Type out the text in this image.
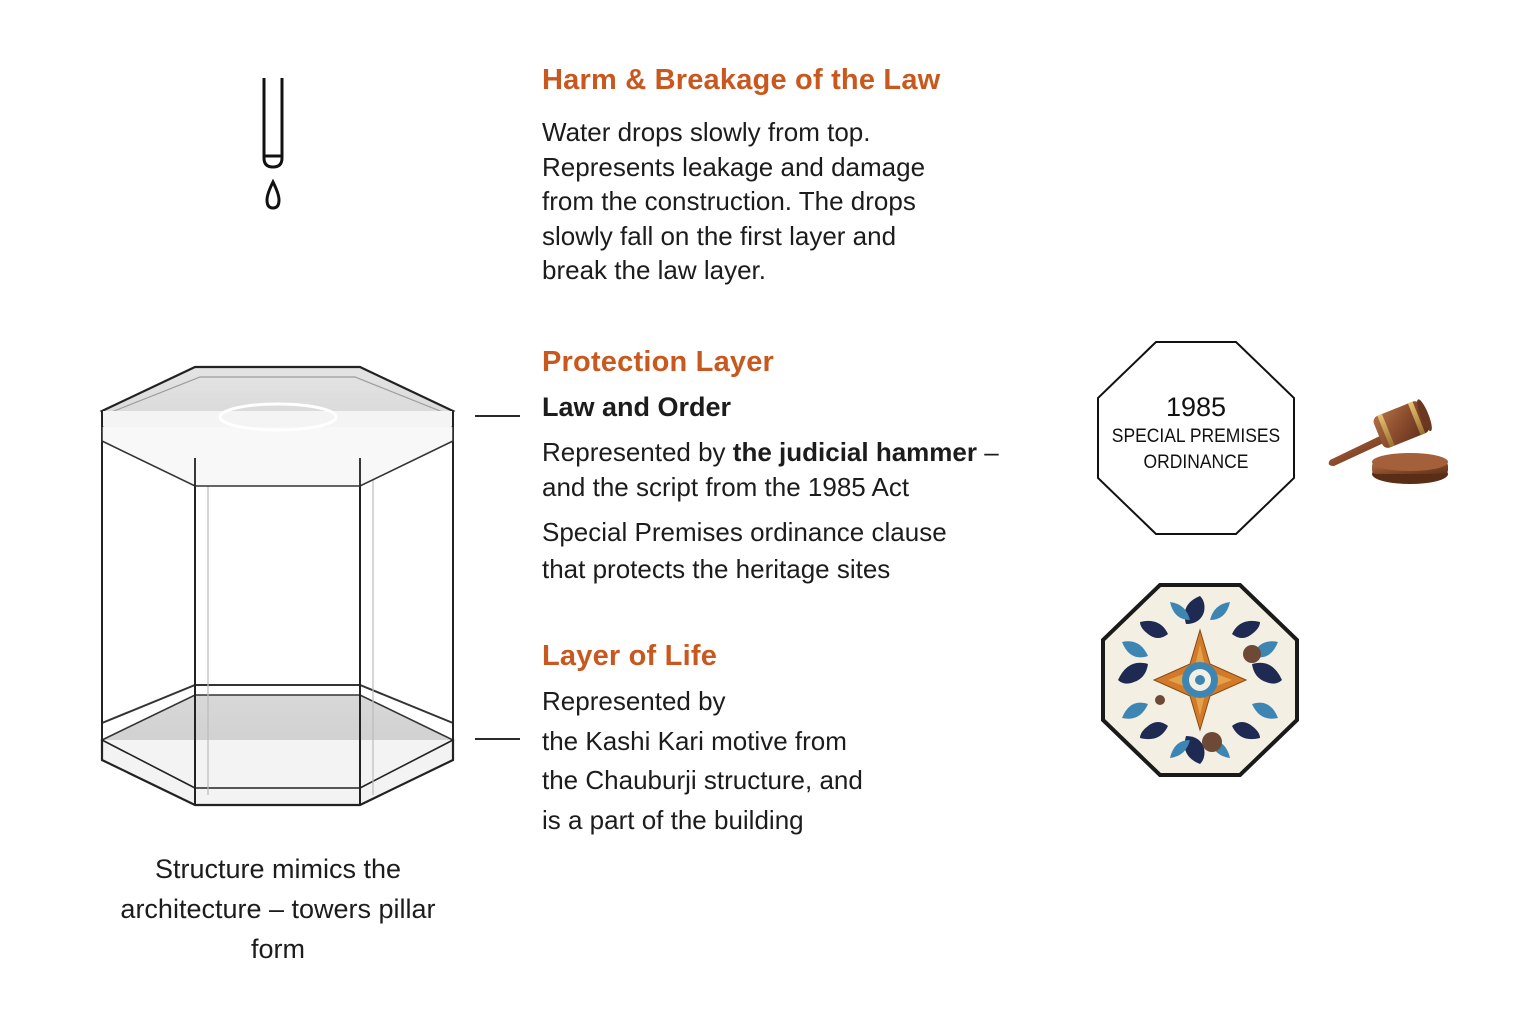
Harm & Breakage of the Law
Water drops slowly from top.
Represents leakage and damage
from the construction. The drops
slowly fall on the first layer and
break the law layer.
Protection Layer
Law and Order
Represented by the judicial hammer –
and the script from the 1985 Act
Special Premises ordinance clause
that protects the heritage sites
1985
SPECIAL PREMISES
ORDINANCE
Layer of Life
Represented by
the Kashi Kari motive from
the Chauburji structure, and
is a part of the building
Structure mimics the
architecture – towers pillar
form
